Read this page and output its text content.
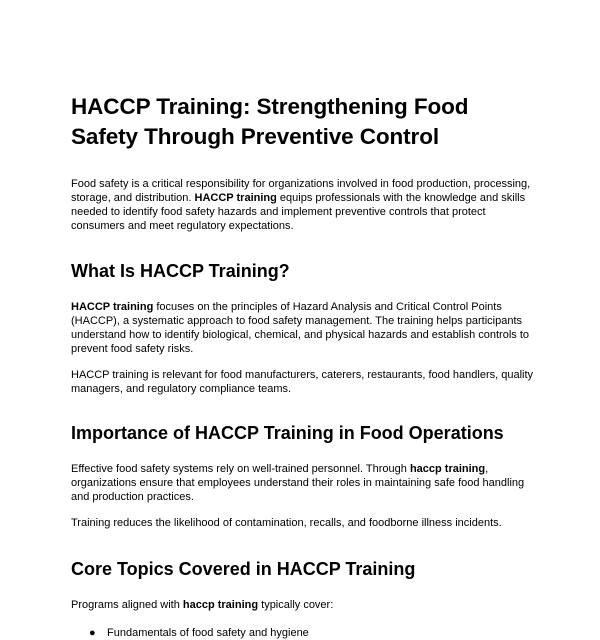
HACCP Training: Strengthening Food Safety Through Preventive Control

Food safety is a critical responsibility for organizations involved in food production, processing, storage, and distribution. HACCP training equips professionals with the knowledge and skills needed to identify food safety hazards and implement preventive controls that protect consumers and meet regulatory expectations.

What Is HACCP Training?

HACCP training focuses on the principles of Hazard Analysis and Critical Control Points (HACCP), a systematic approach to food safety management. The training helps participants understand how to identify biological, chemical, and physical hazards and establish controls to prevent food safety risks.

HACCP training is relevant for food manufacturers, caterers, restaurants, food handlers, quality managers, and regulatory compliance teams.

Importance of HACCP Training in Food Operations

Effective food safety systems rely on well-trained personnel. Through haccp training, organizations ensure that employees understand their roles in maintaining safe food handling and production practices.

Training reduces the likelihood of contamination, recalls, and foodborne illness incidents.

Core Topics Covered in HACCP Training

Programs aligned with haccp training typically cover:

● Fundamentals of food safety and hygiene
